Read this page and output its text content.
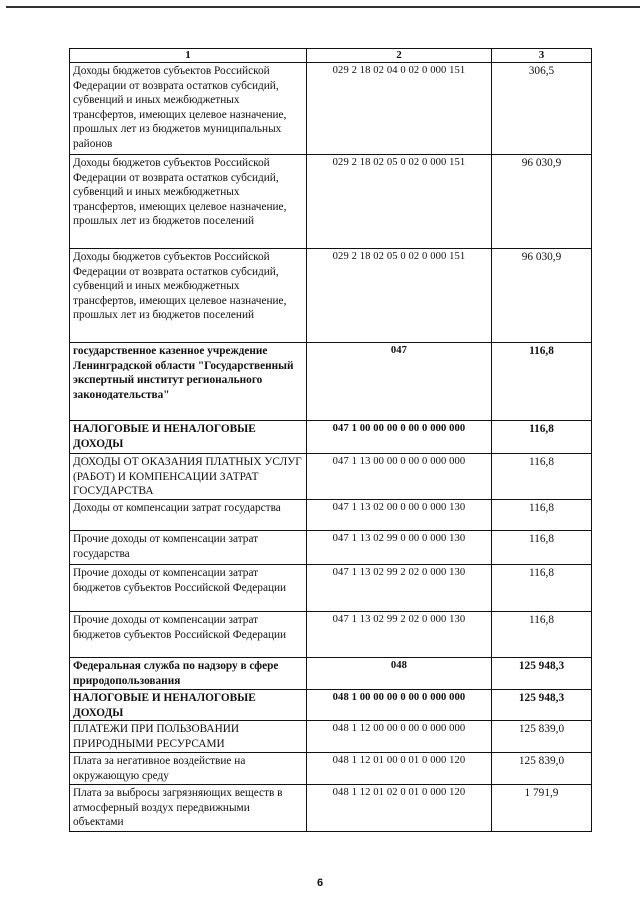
1	2	3
Доходы бюджетов субъектов Российской Федерации от возврата остатков субсидий, субвенций и иных межбюджетных трансфертов, имеющих целевое назначение, прошлых лет из бюджетов муниципальных районов	029 2 18 02 04 0 02 0 000 151	306,5
Доходы бюджетов субъектов Российской Федерации от возврата остатков субсидий, субвенций и иных межбюджетных трансфертов, имеющих целевое назначение, прошлых лет из бюджетов поселений	029 2 18 02 05 0 02 0 000 151	96 030,9
Доходы бюджетов субъектов Российской Федерации от возврата остатков субсидий, субвенций и иных межбюджетных трансфертов, имеющих целевое назначение, прошлых лет из бюджетов поселений	029 2 18 02 05 0 02 0 000 151	96 030,9
государственное казенное учреждение Ленинградской области "Государственный экспертный институт регионального законодательства"	047	116,8
НАЛОГОВЫЕ И НЕНАЛОГОВЫЕ ДОХОДЫ	047 1 00 00 00 0 00 0 000 000	116,8
ДОХОДЫ ОТ ОКАЗАНИЯ ПЛАТНЫХ УСЛУГ (РАБОТ) И КОМПЕНСАЦИИ ЗАТРАТ ГОСУДАРСТВА	047 1 13 00 00 0 00 0 000 000	116,8
Доходы от компенсации затрат государства	047 1 13 02 00 0 00 0 000 130	116,8
Прочие доходы от компенсации затрат государства	047 1 13 02 99 0 00 0 000 130	116,8
Прочие доходы от компенсации затрат бюджетов субъектов Российской Федерации	047 1 13 02 99 2 02 0 000 130	116,8
Прочие доходы от компенсации затрат бюджетов субъектов Российской Федерации	047 1 13 02 99 2 02 0 000 130	116,8
Федеральная служба по надзору в сфере природопользования	048	125 948,3
НАЛОГОВЫЕ И НЕНАЛОГОВЫЕ ДОХОДЫ	048 1 00 00 00 0 00 0 000 000	125 948,3
ПЛАТЕЖИ ПРИ ПОЛЬЗОВАНИИ ПРИРОДНЫМИ РЕСУРСАМИ	048 1 12 00 00 0 00 0 000 000	125 839,0
Плата за негативное воздействие на окружающую среду	048 1 12 01 00 0 01 0 000 120	125 839,0
Плата за выбросы загрязняющих веществ в атмосферный воздух передвижными объектами	048 1 12 01 02 0 01 0 000 120	1 791,9
6
